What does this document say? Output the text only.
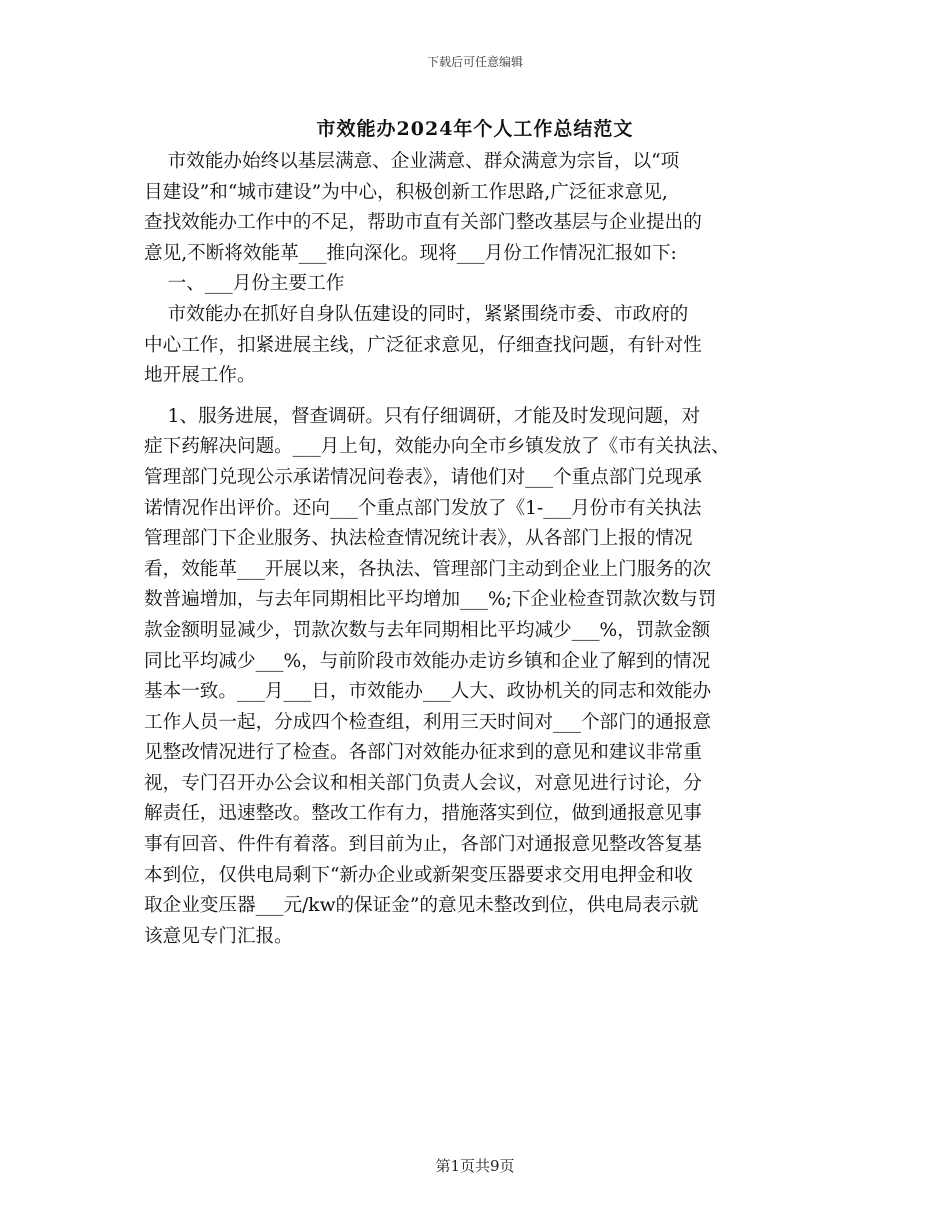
下载后可任意编辑
市效能办2024年个人工作总结范文

市效能办始终以基层满意、企业满意、群众满意为宗旨，以“项

目建设”和“城市建设”为中心，积极创新工作思路,广泛征求意见,

查找效能办工作中的不足，帮助市直有关部门整改基层与企业提出的

意见,不断将效能革___推向深化。现将___月份工作情况汇报如下:

一、___月份主要工作

市效能办在抓好自身队伍建设的同时，紧紧围绕市委、市政府的

中心工作，扣紧进展主线，广泛征求意见，仔细查找问题，有针对性

地开展工作。

1、服务进展，督查调研。只有仔细调研，才能及时发现问题，对

症下药解决问题。___月上旬，效能办向全市乡镇发放了《市有关执法、

管理部门兑现公示承诺情况问卷表》，请他们对___个重点部门兑现承

诺情况作出评价。还向___个重点部门发放了《1-___月份市有关执法

管理部门下企业服务、执法检查情况统计表》，从各部门上报的情况

看，效能革___开展以来，各执法、管理部门主动到企业上门服务的次

数普遍增加，与去年同期相比平均增加___%;下企业检查罚款次数与罚

款金额明显减少，罚款次数与去年同期相比平均减少___%，罚款金额

同比平均减少___%，与前阶段市效能办走访乡镇和企业了解到的情况

基本一致。___月___日，市效能办___人大、政协机关的同志和效能办

工作人员一起，分成四个检查组，利用三天时间对___个部门的通报意

见整改情况进行了检查。各部门对效能办征求到的意见和建议非常重

视，专门召开办公会议和相关部门负责人会议，对意见进行讨论，分

解责任，迅速整改。整改工作有力，措施落实到位，做到通报意见事

事有回音、件件有着落。到目前为止，各部门对通报意见整改答复基

本到位，仅供电局剩下“新办企业或新架变压器要求交用电押金和收

取企业变压器___元/kw的保证金”的意见未整改到位，供电局表示就

该意见专门汇报。

第1页共9页
